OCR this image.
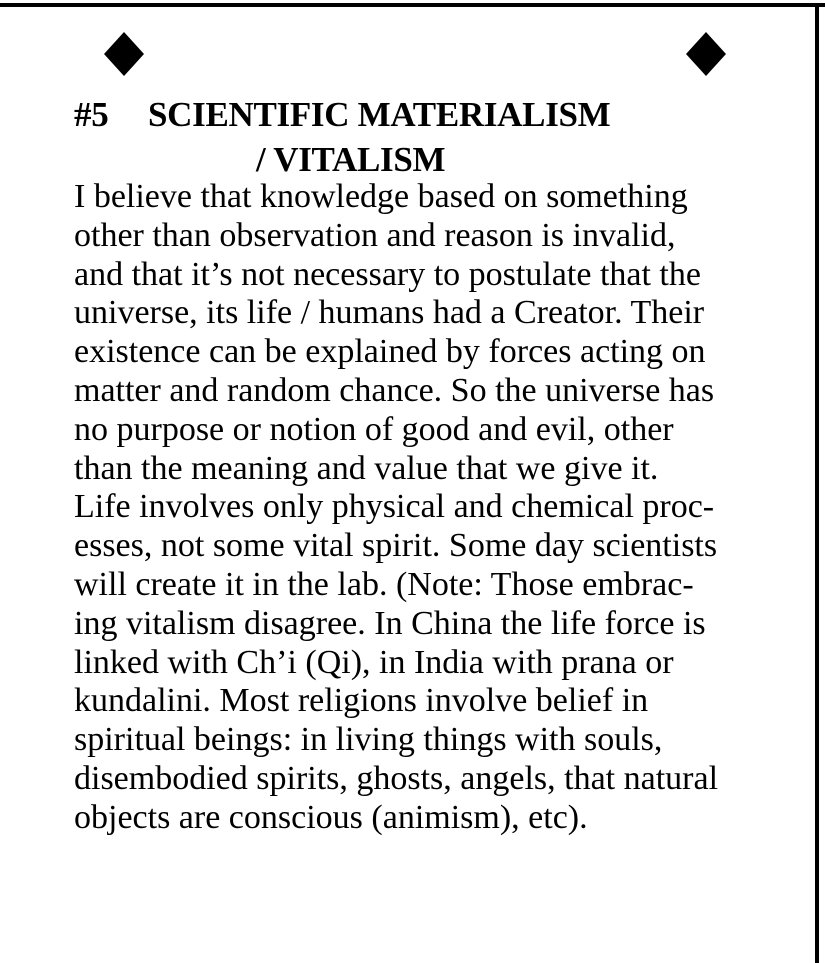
#5 SCIENTIFIC MATERIALISM
/ VITALISM
I believe that knowledge based on something
other than observation and reason is invalid,
and that it’s not necessary to postulate that the
universe, its life / humans had a Creator. Their
existence can be explained by forces acting on
matter and random chance. So the universe has
no purpose or notion of good and evil, other
than the meaning and value that we give it.
Life involves only physical and chemical proc-
esses, not some vital spirit. Some day scientists
will create it in the lab. (Note: Those embrac-
ing vitalism disagree. In China the life force is
linked with Ch’i (Qi), in India with prana or
kundalini. Most religions involve belief in
spiritual beings: in living things with souls,
disembodied spirits, ghosts, angels, that natural
objects are conscious (animism), etc).
